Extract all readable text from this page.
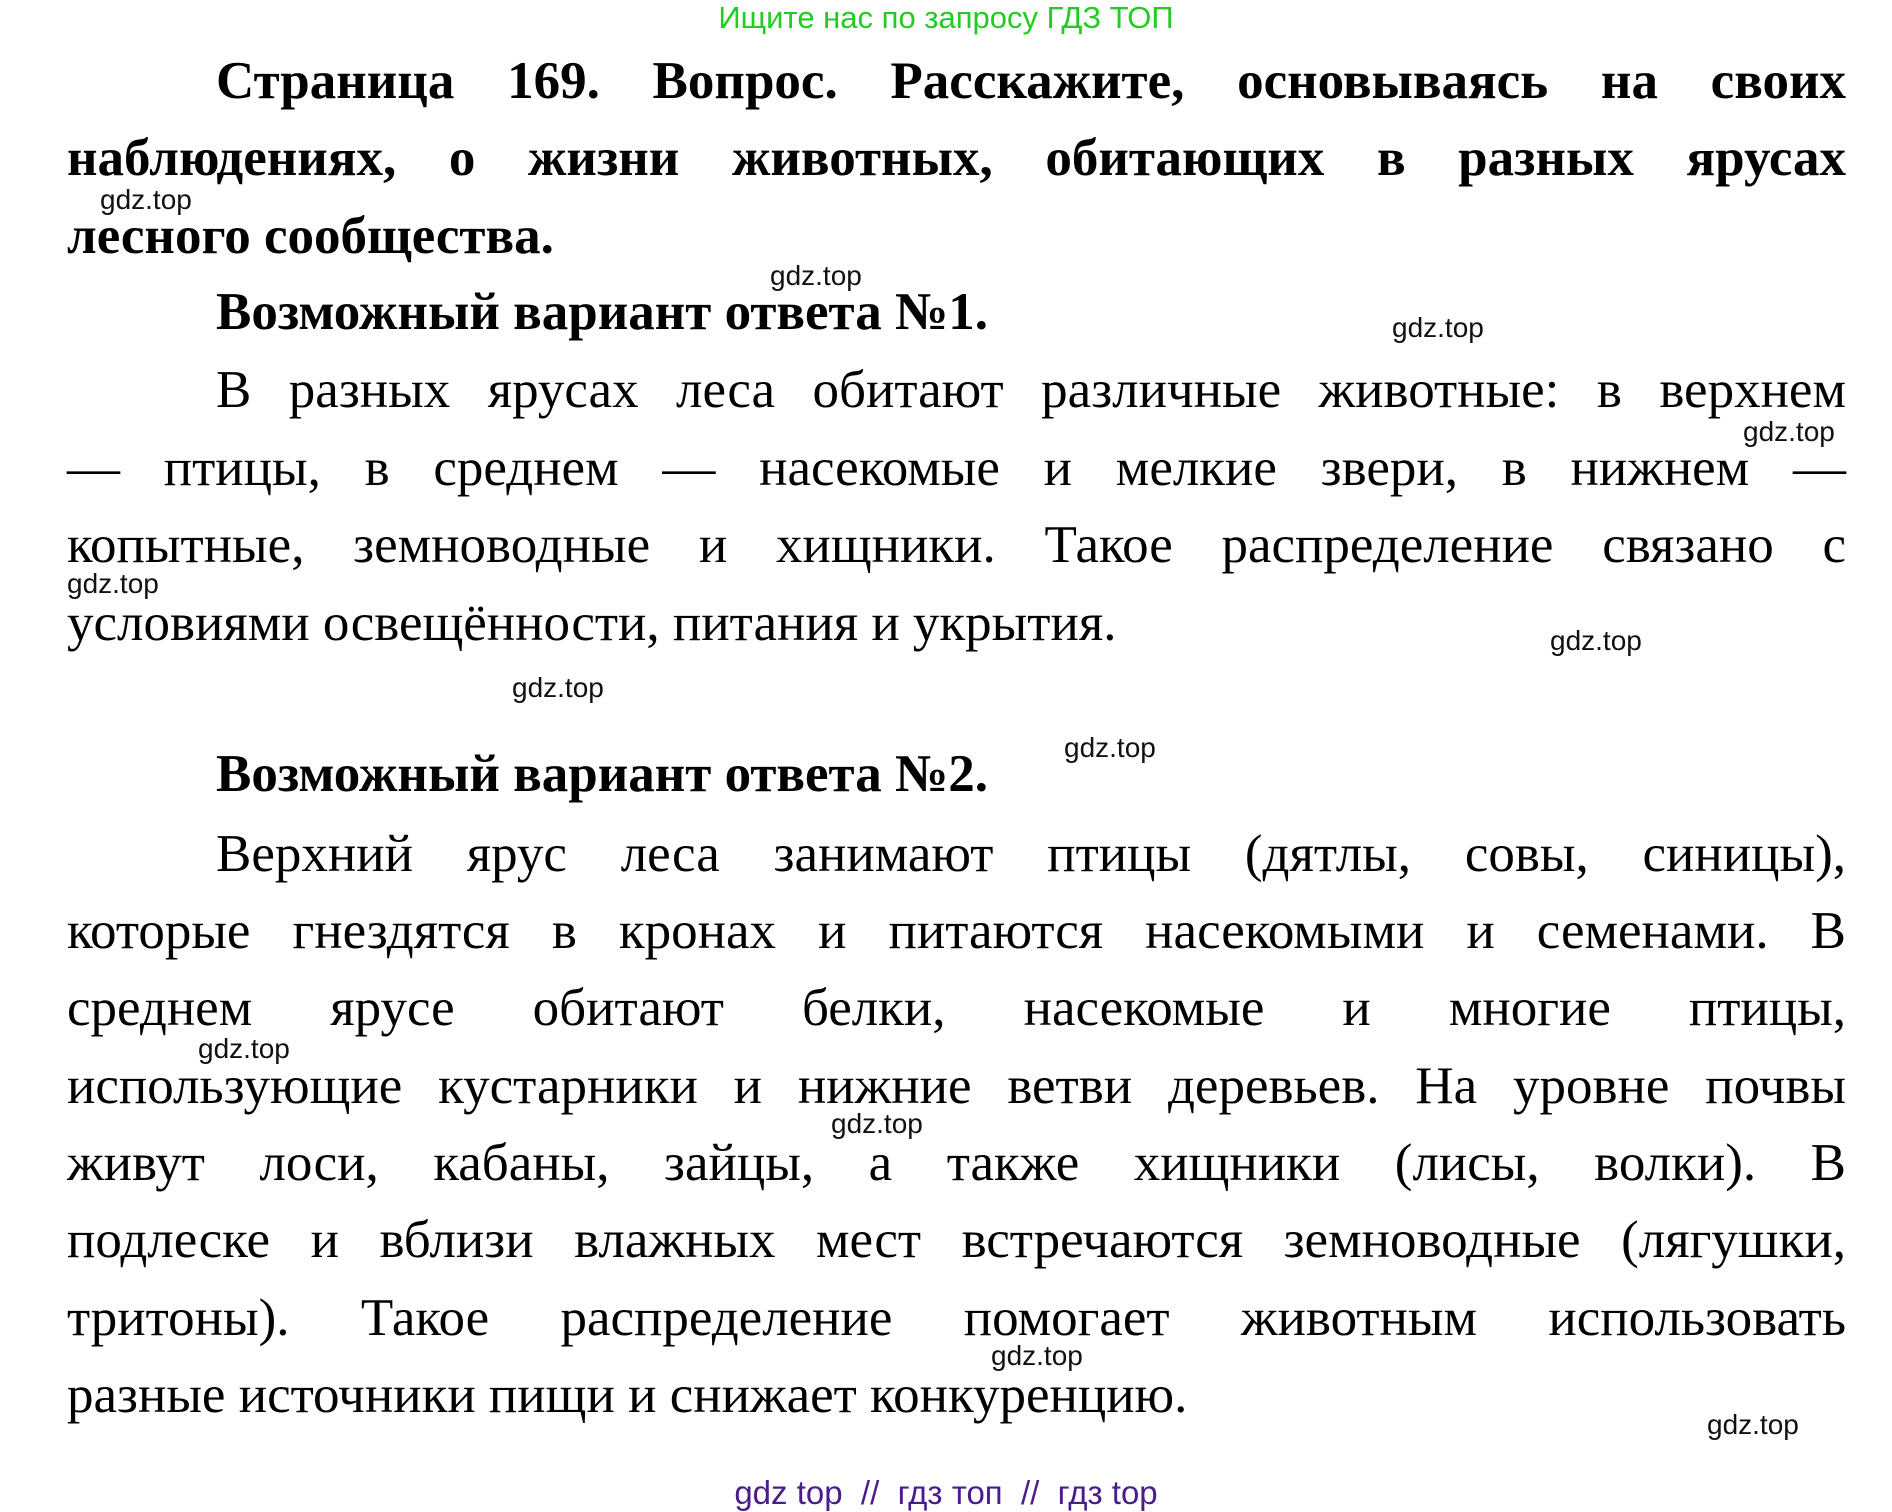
Ищите нас по запросу ГДЗ ТОП
Страница 169. Вопрос. Расскажите, основываясь на своих
наблюдениях, о жизни животных, обитающих в разных ярусах
лесного сообщества.
Возможный вариант ответа №1.
В разных ярусах леса обитают различные животные: в верхнем
— птицы, в среднем — насекомые и мелкие звери, в нижнем —
копытные, земноводные и хищники. Такое распределение связано с
условиями освещённости, питания и укрытия.
Возможный вариант ответа №2.
Верхний ярус леса занимают птицы (дятлы, совы, синицы),
которые гнездятся в кронах и питаются насекомыми и семенами. В
среднем ярусе обитают белки, насекомые и многие птицы,
использующие кустарники и нижние ветви деревьев. На уровне почвы
живут лоси, кабаны, зайцы, а также хищники (лисы, волки). В
подлеске и вблизи влажных мест встречаются земноводные (лягушки,
тритоны). Такое распределение помогает животным использовать
разные источники пищи и снижает конкуренцию.
gdz.top
gdz.top
gdz.top
gdz.top
gdz.top
gdz.top
gdz.top
gdz.top
gdz.top
gdz.top
gdz.top
gdz.top
gdz top  //  гдз топ  //  гдз top
